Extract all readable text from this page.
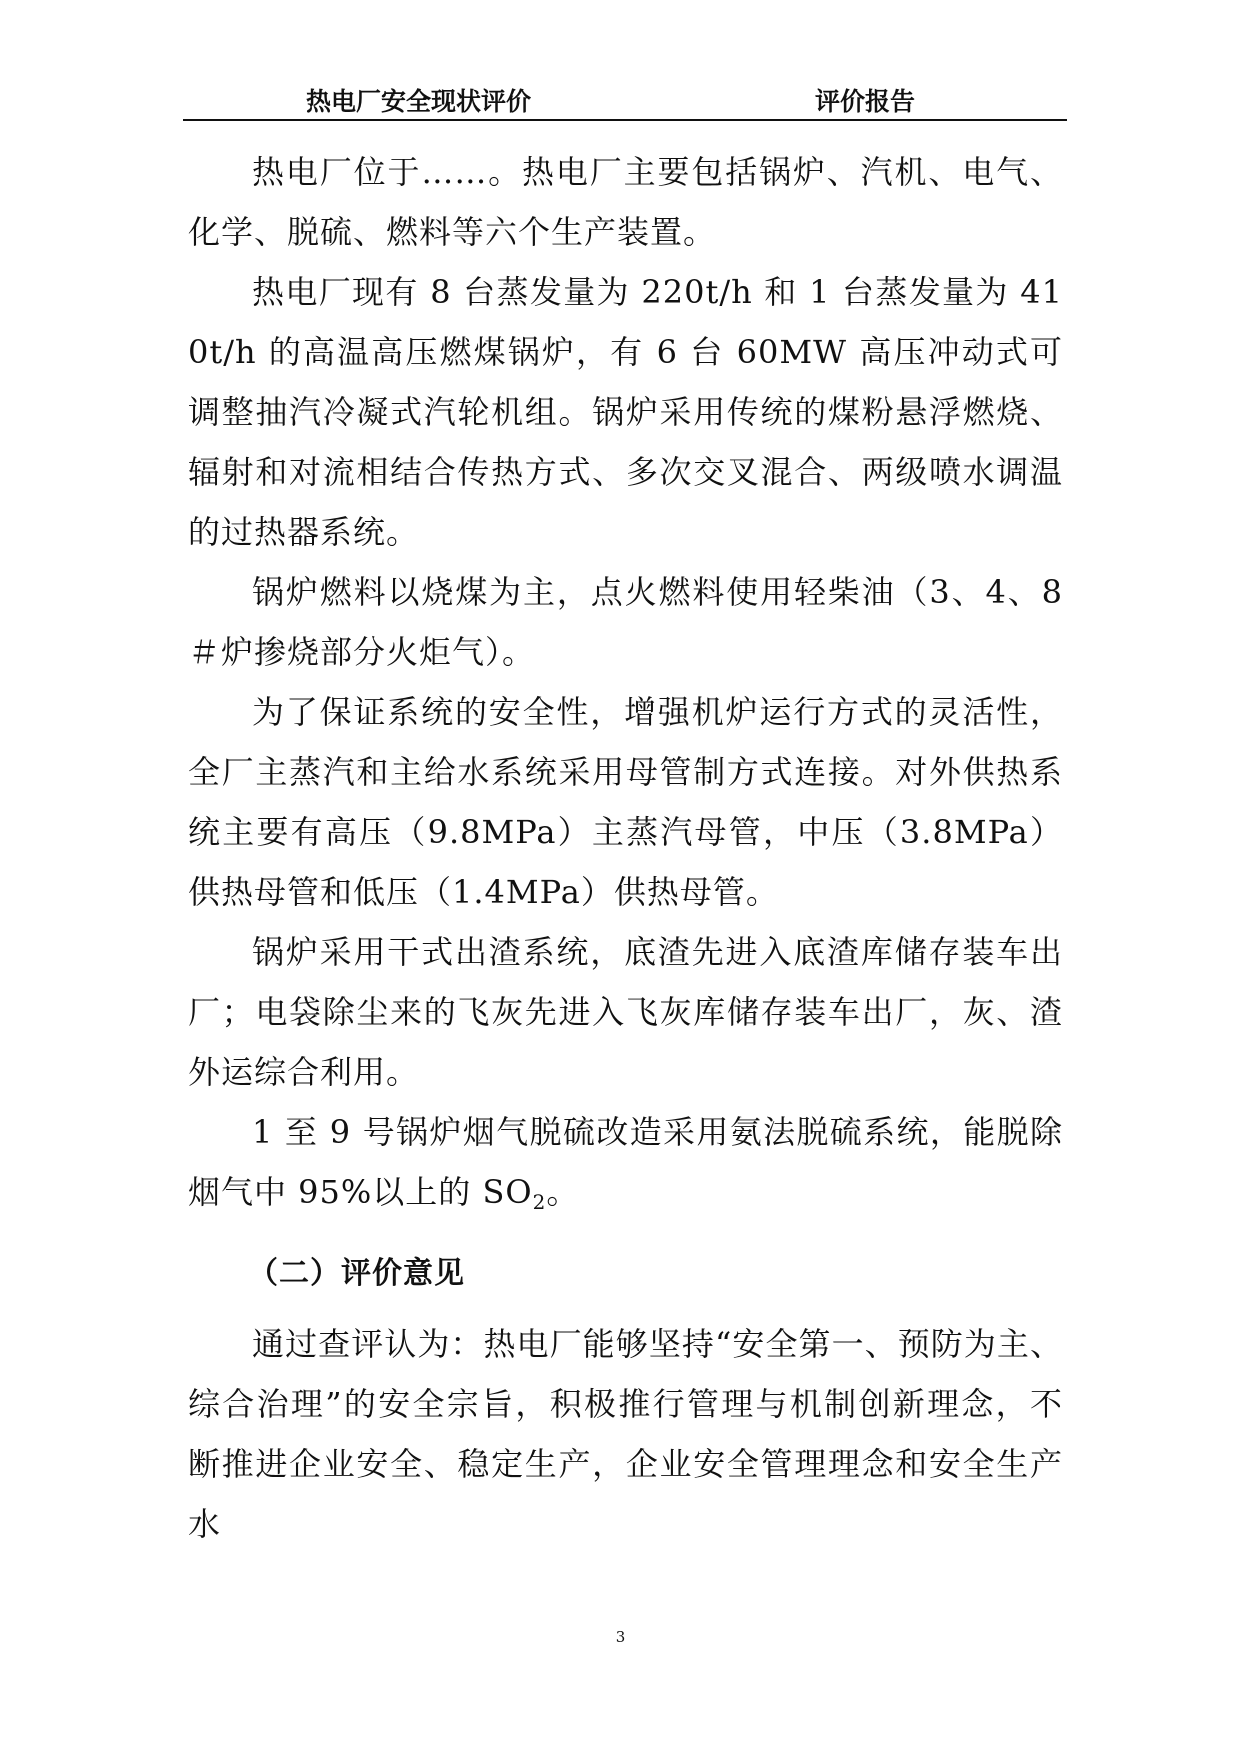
热电厂安全现状评价	评价报告

热电厂位于……。热电厂主要包括锅炉、汽机、电气、化学、脱硫、燃料等六个生产装置。

热电厂现有 8 台蒸发量为 220t/h 和 1 台蒸发量为 410t/h 的高温高压燃煤锅炉，有 6 台 60MW 高压冲动式可调整抽汽冷凝式汽轮机组。锅炉采用传统的煤粉悬浮燃烧、辐射和对流相结合传热方式、多次交叉混合、两级喷水调温的过热器系统。

锅炉燃料以烧煤为主，点火燃料使用轻柴油（3、4、8＃炉掺烧部分火炬气）。

为了保证系统的安全性，增强机炉运行方式的灵活性，全厂主蒸汽和主给水系统采用母管制方式连接。对外供热系统主要有高压（9.8MPa）主蒸汽母管，中压（3.8MPa）供热母管和低压（1.4MPa）供热母管。

锅炉采用干式出渣系统，底渣先进入底渣库储存装车出厂；电袋除尘来的飞灰先进入飞灰库储存装车出厂，灰、渣外运综合利用。

1 至 9 号锅炉烟气脱硫改造采用氨法脱硫系统，能脱除烟气中 95%以上的 $SO_2$。

（二）评价意见

通过查评认为：热电厂能够坚持“安全第一、预防为主、综合治理”的安全宗旨，积极推行管理与机制创新理念，不断推进企业安全、稳定生产，企业安全管理理念和安全生产水

3
